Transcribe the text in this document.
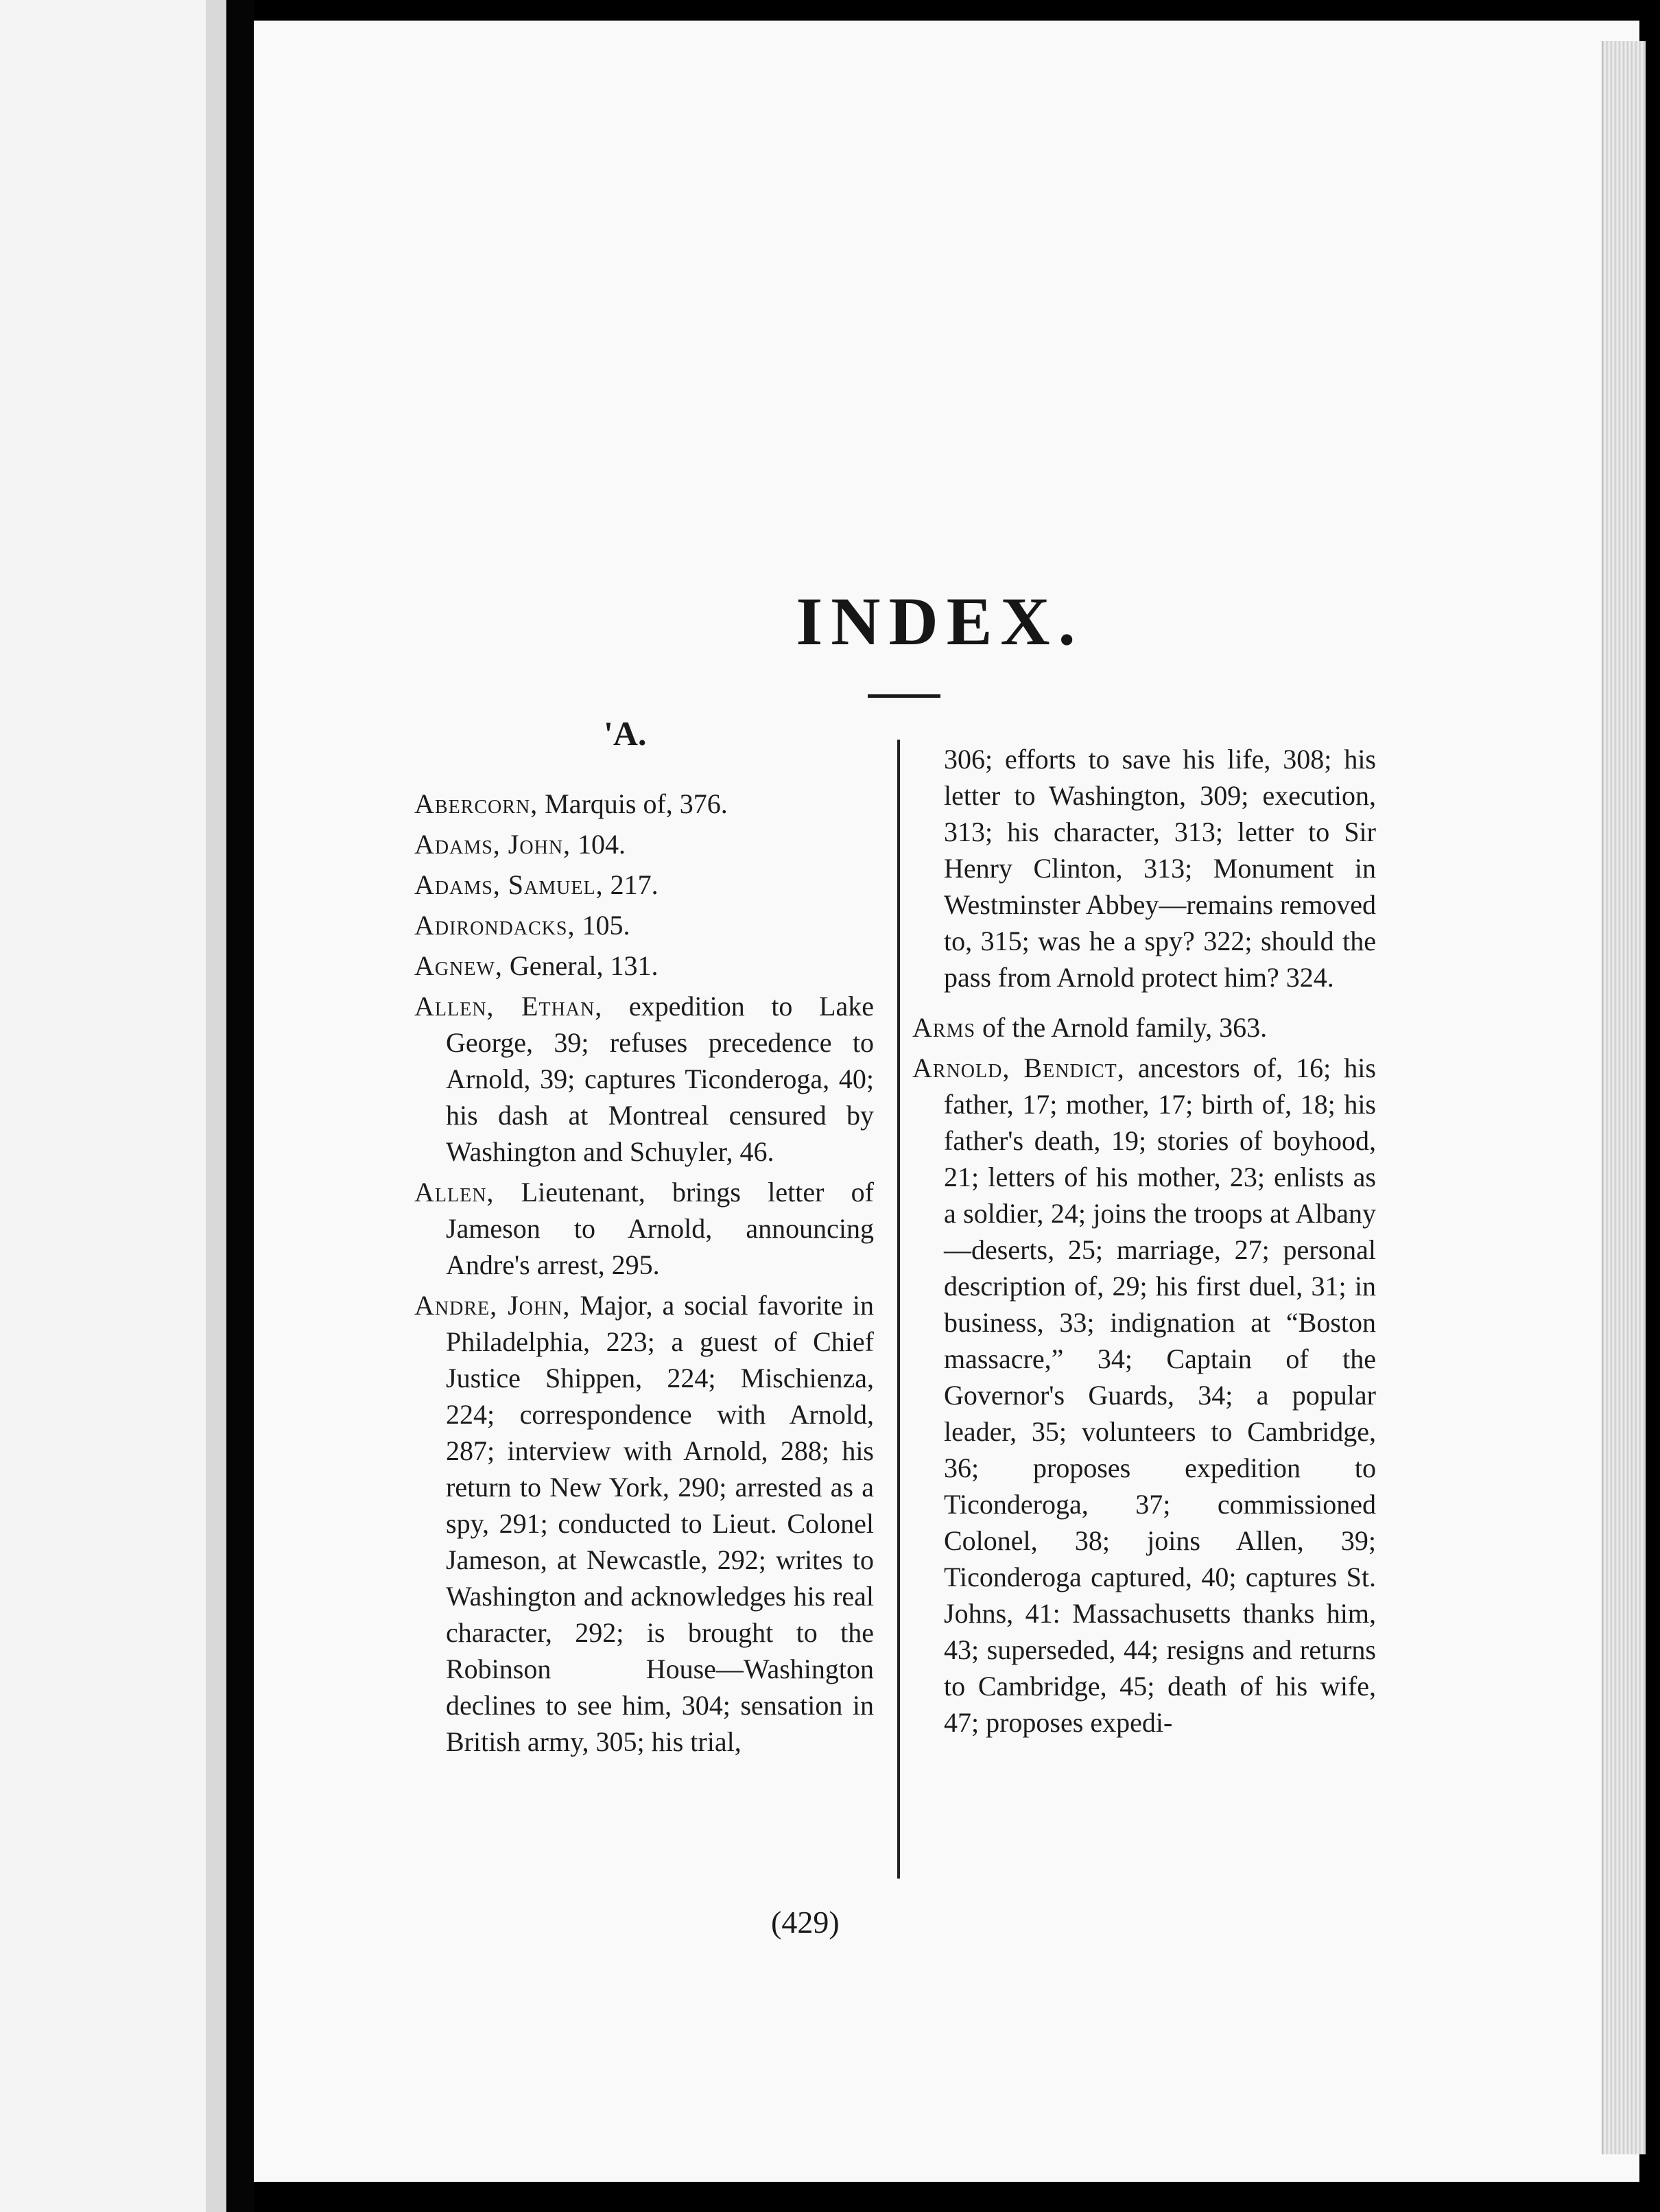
INDEX.
'A.

Abercorn, Marquis of, 376.

Adams, John, 104.

Adams, Samuel, 217.

Adirondacks, 105.

Agnew, General, 131.

Allen, Ethan, expedition to Lake George, 39; refuses precedence to Arnold, 39; captures Ticonderoga, 40; his dash at Montreal censured by Washington and Schuyler, 46.

Allen, Lieutenant, brings letter of Jameson to Arnold, announcing Andre's arrest, 295.

Andre, John, Major, a social favorite in Philadelphia, 223; a guest of Chief Justice Shippen, 224; Mischienza, 224; correspondence with Arnold, 287; interview with Arnold, 288; his return to New York, 290; arrested as a spy, 291; conducted to Lieut. Colonel Jameson, at Newcastle, 292; writes to Washington and acknowledges his real character, 292; is brought to the Robinson House—Washington declines to see him, 304; sensation in British army, 305; his trial,

306; efforts to save his life, 308; his letter to Washington, 309; execution, 313; his character, 313; letter to Sir Henry Clinton, 313; Monument in Westminster Abbey—remains removed to, 315; was he a spy? 322; should the pass from Arnold protect him? 324.

Arms of the Arnold family, 363.

Arnold, Bendict, ancestors of, 16; his father, 17; mother, 17; birth of, 18; his father's death, 19; stories of boyhood, 21; letters of his mother, 23; enlists as a soldier, 24; joins the troops at Albany—deserts, 25; marriage, 27; personal description of, 29; his first duel, 31; in business, 33; indignation at “Boston massacre,” 34; Captain of the Governor's Guards, 34; a popular leader, 35; volunteers to Cambridge, 36; proposes expedition to Ticonderoga, 37; commissioned Colonel, 38; joins Allen, 39; Ticonderoga captured, 40; captures St. Johns, 41: Massachusetts thanks him, 43; superseded, 44; resigns and returns to Cambridge, 45; death of his wife, 47; proposes expedi-

(429)
